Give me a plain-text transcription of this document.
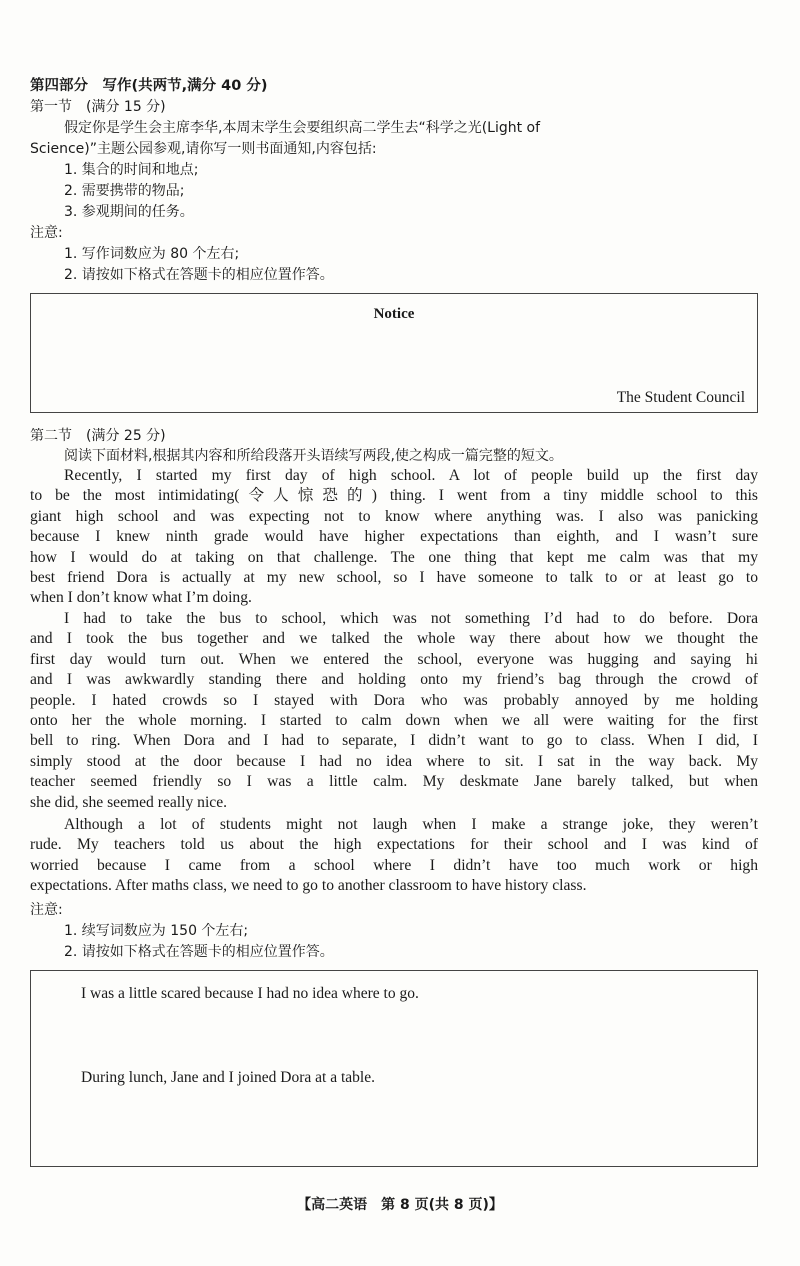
第四部分　写作(共两节,满分 40 分)
第一节　(满分 15 分)
假定你是学生会主席李华,本周末学生会要组织高二学生去“科学之光(Light of
Science)”主题公园参观,请你写一则书面通知,内容包括:
1. 集合的时间和地点;
2. 需要携带的物品;
3. 参观期间的任务。
注意:
1. 写作词数应为 80 个左右;
2. 请按如下格式在答题卡的相应位置作答。
Notice
The Student Council
第二节　(满分 25 分)
阅读下面材料,根据其内容和所给段落开头语续写两段,使之构成一篇完整的短文。
Recently, I started my first day of high school. A lot of people build up the first day
to be the most intimidating(令人惊恐的) thing. I went from a tiny middle school to this
giant high school and was expecting not to know where anything was. I also was panicking
because I knew ninth grade would have higher expectations than eighth, and I wasn’t sure
how I would do at taking on that challenge. The one thing that kept me calm was that my
best friend Dora is actually at my new school, so I have someone to talk to or at least go to
when I don’t know what I’m doing.
I had to take the bus to school, which was not something I’d had to do before. Dora
and I took the bus together and we talked the whole way there about how we thought the
first day would turn out. When we entered the school, everyone was hugging and saying hi
and I was awkwardly standing there and holding onto my friend’s bag through the crowd of
people. I hated crowds so I stayed with Dora who was probably annoyed by me holding
onto her the whole morning. I started to calm down when we all were waiting for the first
bell to ring. When Dora and I had to separate, I didn’t want to go to class. When I did, I
simply stood at the door because I had no idea where to sit. I sat in the way back. My
teacher seemed friendly so I was a little calm. My deskmate Jane barely talked, but when
she did, she seemed really nice.
Although a lot of students might not laugh when I make a strange joke, they weren’t
rude. My teachers told us about the high expectations for their school and I was kind of
worried because I came from a school where I didn’t have too much work or high
expectations. After maths class, we need to go to another classroom to have history class.
注意:
1. 续写词数应为 150 个左右;
2. 请按如下格式在答题卡的相应位置作答。
I was a little scared because I had no idea where to go.
During lunch, Jane and I joined Dora at a table.
【高二英语　第 8 页(共 8 页)】
